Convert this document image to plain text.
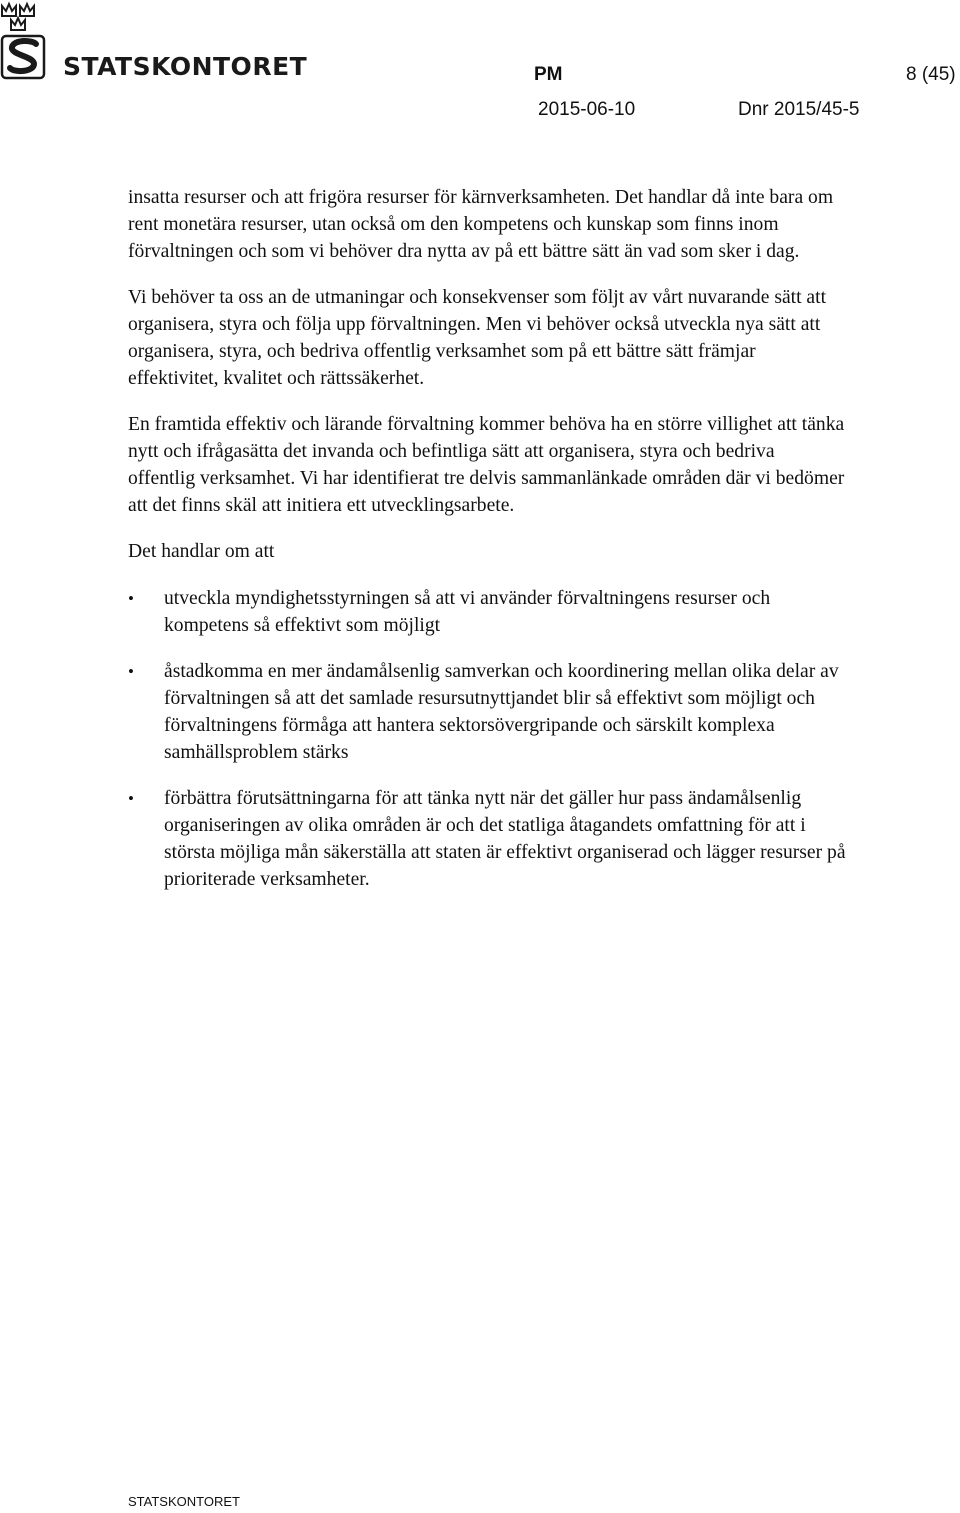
STATSKONTORET	PM	8 (45)
2015-06-10	Dnr 2015/45-5

insatta resurser och att frigöra resurser för kärnverksamheten. Det handlar då inte bara om rent monetära resurser, utan också om den kompetens och kunskap som finns inom förvaltningen och som vi behöver dra nytta av på ett bättre sätt än vad som sker i dag.

Vi behöver ta oss an de utmaningar och konsekvenser som följt av vårt nuvarande sätt att organisera, styra och följa upp förvaltningen. Men vi behöver också utveckla nya sätt att organisera, styra, och bedriva offentlig verksamhet som på ett bättre sätt främjar effektivitet, kvalitet och rättssäkerhet.

En framtida effektiv och lärande förvaltning kommer behöva ha en större villighet att tänka nytt och ifrågasätta det invanda och befintliga sätt att organisera, styra och bedriva offentlig verksamhet. Vi har identifierat tre delvis sammanlänkade områden där vi bedömer att det finns skäl att initiera ett utvecklingsarbete.

Det handlar om att

• utveckla myndighetsstyrningen så att vi använder förvaltningens resurser och kompetens så effektivt som möjligt
• åstadkomma en mer ändamålsenlig samverkan och koordinering mellan olika delar av förvaltningen så att det samlade resursutnyttjandet blir så effektivt som möjligt och förvaltningens förmåga att hantera sektorsövergripande och särskilt komplexa samhällsproblem stärks
• förbättra förutsättningarna för att tänka nytt när det gäller hur pass ändamålsenlig organiseringen av olika områden är och det statliga åtagandets omfattning för att i största möjliga mån säkerställa att staten är effektivt organiserad och lägger resurser på prioriterade verksamheter.
STATSKONTORET
